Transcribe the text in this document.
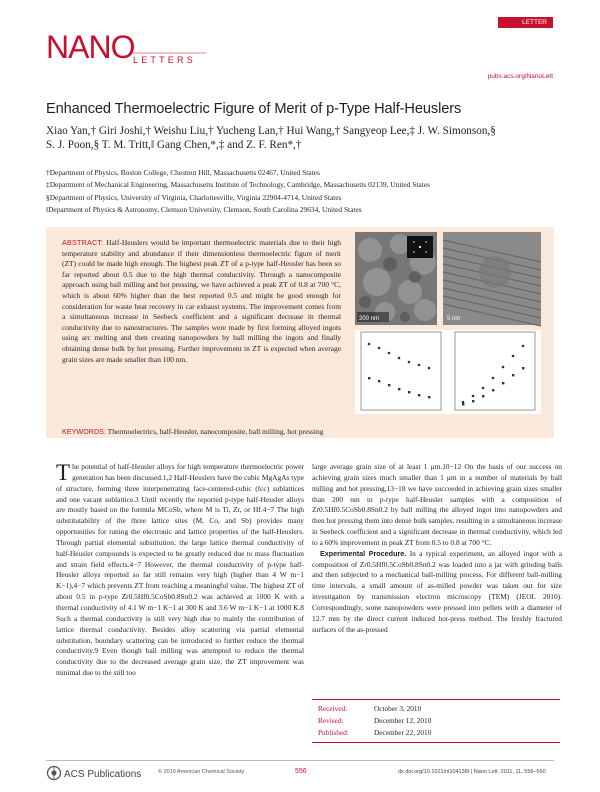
NANO
LETTERS
LETTER
pubs.acs.org/NanoLett
Enhanced Thermoelectric Figure of Merit of p-Type Half-Heuslers
Xiao Yan,† Giri Joshi,† Weishu Liu,† Yucheng Lan,† Hui Wang,† Sangyeop Lee,‡ J. W. Simonson,§
S. J. Poon,§ T. M. Tritt,‖ Gang Chen,*,‡ and Z. F. Ren*,†
†Department of Physics, Boston College, Chestnut Hill, Massachusetts 02467, United States
‡Department of Mechanical Engineering, Massachusetts Institute of Technology, Cambridge, Massachusetts 02139, United States
§Department of Physics, University of Virginia, Charlottesville, Virginia 22904-4714, United States
‖Department of Physics & Astronomy, Clemson University, Clemson, South Carolina 29634, United States
ABSTRACT: Half-Heuslers would be important thermoelectric materials due to their high temperature stability and abundance if their dimensionless thermoelectric figure of merit (ZT) could be made high enough. The highest peak ZT of a p-type half-Heusler has been so far reported about 0.5 due to the high thermal conductivity. Through a nanocomposite approach using ball milling and hot pressing, we have achieved a peak ZT of 0.8 at 700 °C, which is about 60% higher than the best reported 0.5 and might be good enough for consideration for waste heat recovery in car exhaust systems. The improvement comes from a simultaneous increase in Seebeck coefficient and a significant decrease in thermal conductivity due to nanostructures. The samples were made by first forming alloyed ingots using arc melting and then creating nanopowders by ball milling the ingots and finally obtaining dense bulk by hot pressing. Further improvement in ZT is expected when average grain sizes are made smaller than 100 nm.
200 nm	5 nm
KEYWORDS: Thermoelectrics, half-Heusler, nanocomposite, ball milling, hot pressing

The potential of half-Heusler alloys for high temperature thermoelectric power generation has been discussed.1,2 Half-Heuslers have the cubic MgAgAs type of structure, forming three interpenetrating face-centered-cubic (fcc) sublattices and one vacant sublattice.3 Until recently the reported p-type half-Heusler alloys are mostly based on the formula MCoSb, where M is Ti, Zr, or Hf.4−7 The high substitutability of the three lattice sites (M, Co, and Sb) provides many opportunities for tuning the electronic and lattice properties of the half-Heuslers. Through partial elemental substitution, the large lattice thermal conductivity of half-Heusler compounds is expected to be greatly reduced due to mass fluctuation and strain field effects.4−7 However, the thermal conductivity of p-type half-Heusler alloys reported so far still remains very high (higher than 4 W m−1 K−1),4−7 which prevents ZT from reaching a meaningful value. The highest ZT of about 0.5 in p-type Zr0.5Hf0.5CoSb0.8Sn0.2 was achieved at 1000 K with a thermal conductivity of 4.1 W m−1 K−1 at 300 K and 3.6 W m−1 K−1 at 1000 K.8 Such a thermal conductivity is still very high due to mainly the contribution of lattice thermal conductivity. Besides alloy scattering via partial elemental substitution, boundary scattering can be introduced to further reduce the thermal conductivity.9 Even though ball milling was attempted to reduce the thermal conductivity due to the decreased average grain size, the ZT improvement was minimal due to the still too

large average grain size of at least 1 μm.10−12 On the basis of our success on achieving grain sizes much smaller than 1 μm in a number of materials by ball milling and hot pressing,13−18 we have succeeded in achieving grain sizes smaller than 200 nm in p-type half-Heusler samples with a composition of Zr0.5Hf0.5CoSb0.8Sn0.2 by ball milling the alloyed ingot into nanopowders and then hot pressing them into dense bulk samples, resulting in a simultaneous increase in Seebeck coefficient and a significant decrease in thermal conductivity, which led to a 60% improvement in peak ZT from 0.5 to 0.8 at 700 °C.

Experimental Procedure. In a typical experiment, an alloyed ingot with a composition of Zr0.5Hf0.5CoSb0.8Sn0.2 was loaded into a jar with grinding balls and then subjected to a mechanical ball-milling process. For different ball-milling time intervals, a small amount of as-milled powder was taken out for size investigation by transmission electron microscopy (TEM) (JEOL 2010). Correspondingly, some nanopowders were pressed into pellets with a diameter of 12.7 mm by the direct current induced hot-press method. The freshly fractured surfaces of the as-pressed

Received:	October 3, 2010
Revised:	December 12, 2010
Published:	December 22, 2010
ACS Publications	© 2010 American Chemical Society	556	dx.doi.org/10.1021/nl104138t | Nano Lett. 2011, 11, 556–560
